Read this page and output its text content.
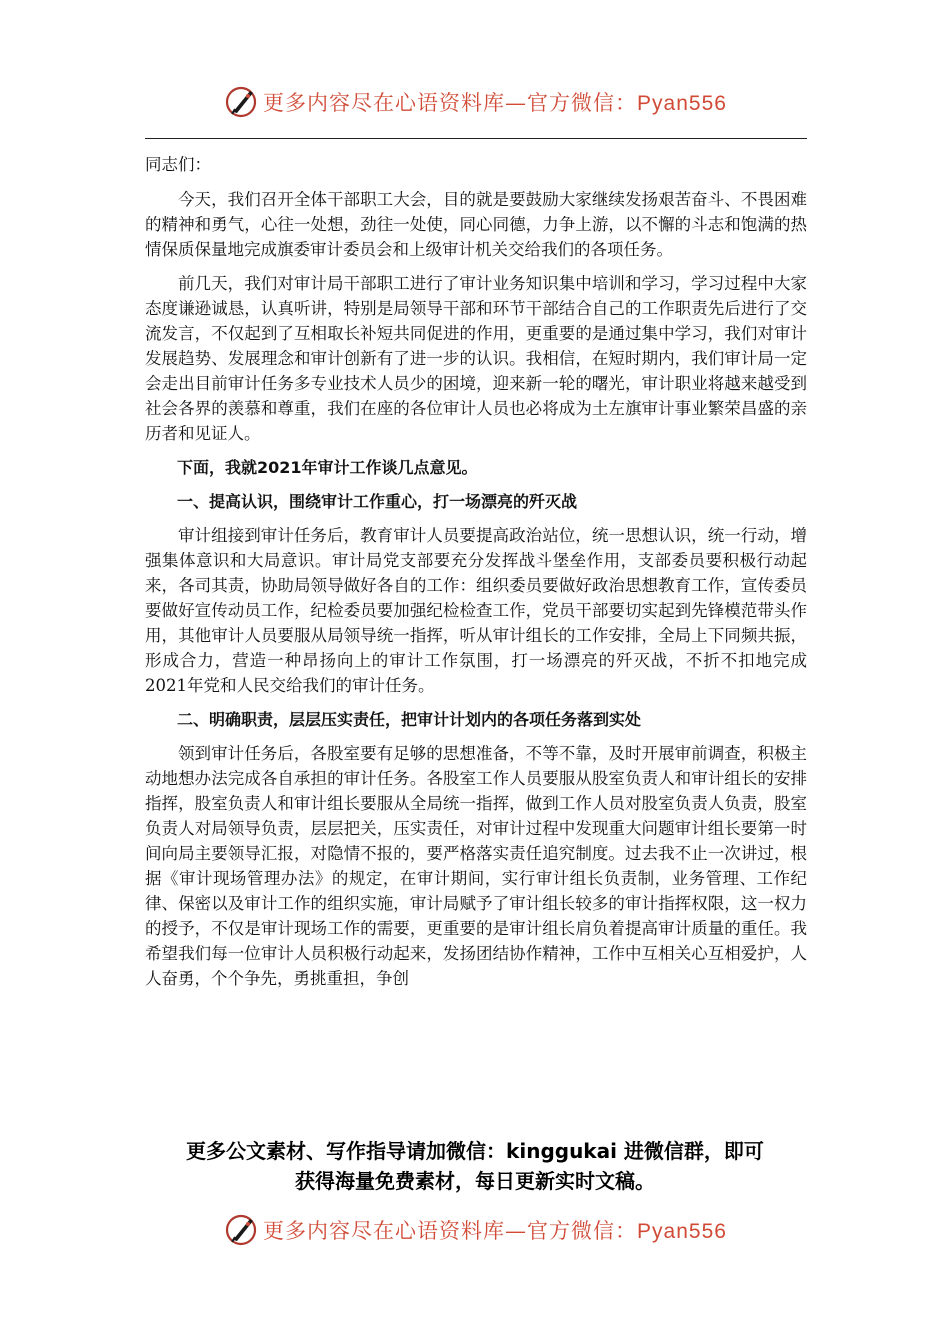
更多内容尽在心语资料库—官方微信：Pyan556

同志们：

今天，我们召开全体干部职工大会，目的就是要鼓励大家继续发扬艰苦奋斗、不畏困难的精神和勇气，心往一处想，劲往一处使，同心同德，力争上游，以不懈的斗志和饱满的热情保质保量地完成旗委审计委员会和上级审计机关交给我们的各项任务。

前几天，我们对审计局干部职工进行了审计业务知识集中培训和学习，学习过程中大家态度谦逊诚恳，认真听讲，特别是局领导干部和环节干部结合自己的工作职责先后进行了交流发言，不仅起到了互相取长补短共同促进的作用，更重要的是通过集中学习，我们对审计发展趋势、发展理念和审计创新有了进一步的认识。我相信，在短时期内，我们审计局一定会走出目前审计任务多专业技术人员少的困境，迎来新一轮的曙光，审计职业将越来越受到社会各界的羡慕和尊重，我们在座的各位审计人员也必将成为土左旗审计事业繁荣昌盛的亲历者和见证人。

下面，我就2021年审计工作谈几点意见。

一、提高认识，围绕审计工作重心，打一场漂亮的歼灭战

审计组接到审计任务后，教育审计人员要提高政治站位，统一思想认识，统一行动，增强集体意识和大局意识。审计局党支部要充分发挥战斗堡垒作用，支部委员要积极行动起来，各司其责，协助局领导做好各自的工作：组织委员要做好政治思想教育工作，宣传委员要做好宣传动员工作，纪检委员要加强纪检检查工作，党员干部要切实起到先锋模范带头作用，其他审计人员要服从局领导统一指挥，听从审计组长的工作安排，全局上下同频共振，形成合力，营造一种昂扬向上的审计工作氛围，打一场漂亮的歼灭战，不折不扣地完成2021年党和人民交给我们的审计任务。

二、明确职责，层层压实责任，把审计计划内的各项任务落到实处

领到审计任务后，各股室要有足够的思想准备，不等不靠，及时开展审前调查，积极主动地想办法完成各自承担的审计任务。各股室工作人员要服从股室负责人和审计组长的安排指挥，股室负责人和审计组长要服从全局统一指挥，做到工作人员对股室负责人负责，股室负责人对局领导负责，层层把关，压实责任，对审计过程中发现重大问题审计组长要第一时间向局主要领导汇报，对隐情不报的，要严格落实责任追究制度。过去我不止一次讲过，根据《审计现场管理办法》的规定，在审计期间，实行审计组长负责制，业务管理、工作纪律、保密以及审计工作的组织实施，审计局赋予了审计组长较多的审计指挥权限，这一权力的授予，不仅是审计现场工作的需要，更重要的是审计组长肩负着提高审计质量的重任。我希望我们每一位审计人员积极行动起来，发扬团结协作精神，工作中互相关心互相爱护，人人奋勇，个个争先，勇挑重担，争创

更多公文素材、写作指导请加微信：kinggukai 进微信群，即可
获得海量免费素材，每日更新实时文稿。
更多内容尽在心语资料库—官方微信：Pyan556
